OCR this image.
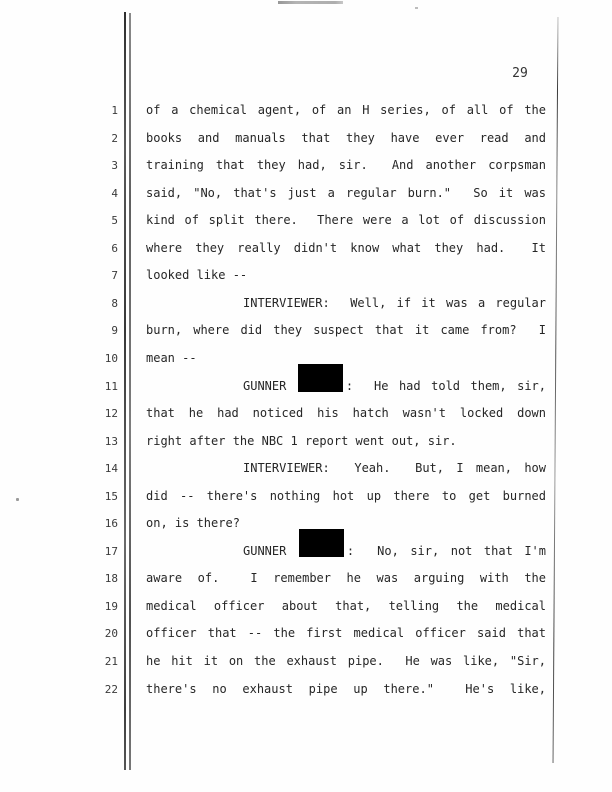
29
1
2
3
4
5
6
7
8
9
10
11
12
13
14
15
16
17
18
19
20
21
22
of a chemical agent, of an H series, of all of the
books and manuals that they have ever read and
training that they had, sir.  And another corpsman
said, "No, that's just a regular burn."  So it was
kind of split there.  There were a lot of discussion
where they really didn't know what they had.  It
looked like --
INTERVIEWER:  Well, if it was a regular
burn, where did they suspect that it came from?  I
mean --
GUNNER	:  He had told them, sir,
that he had noticed his hatch wasn't locked down
right after the NBC 1 report went out, sir.
INTERVIEWER:  Yeah.  But, I mean, how
did -- there's nothing hot up there to get burned
on, is there?
GUNNER	:  No, sir, not that I'm
aware of.  I remember he was arguing with the
medical officer about that, telling the medical
officer that -- the first medical officer said that
he hit it on the exhaust pipe.  He was like, "Sir,
there's no exhaust pipe up there."  He's like,
